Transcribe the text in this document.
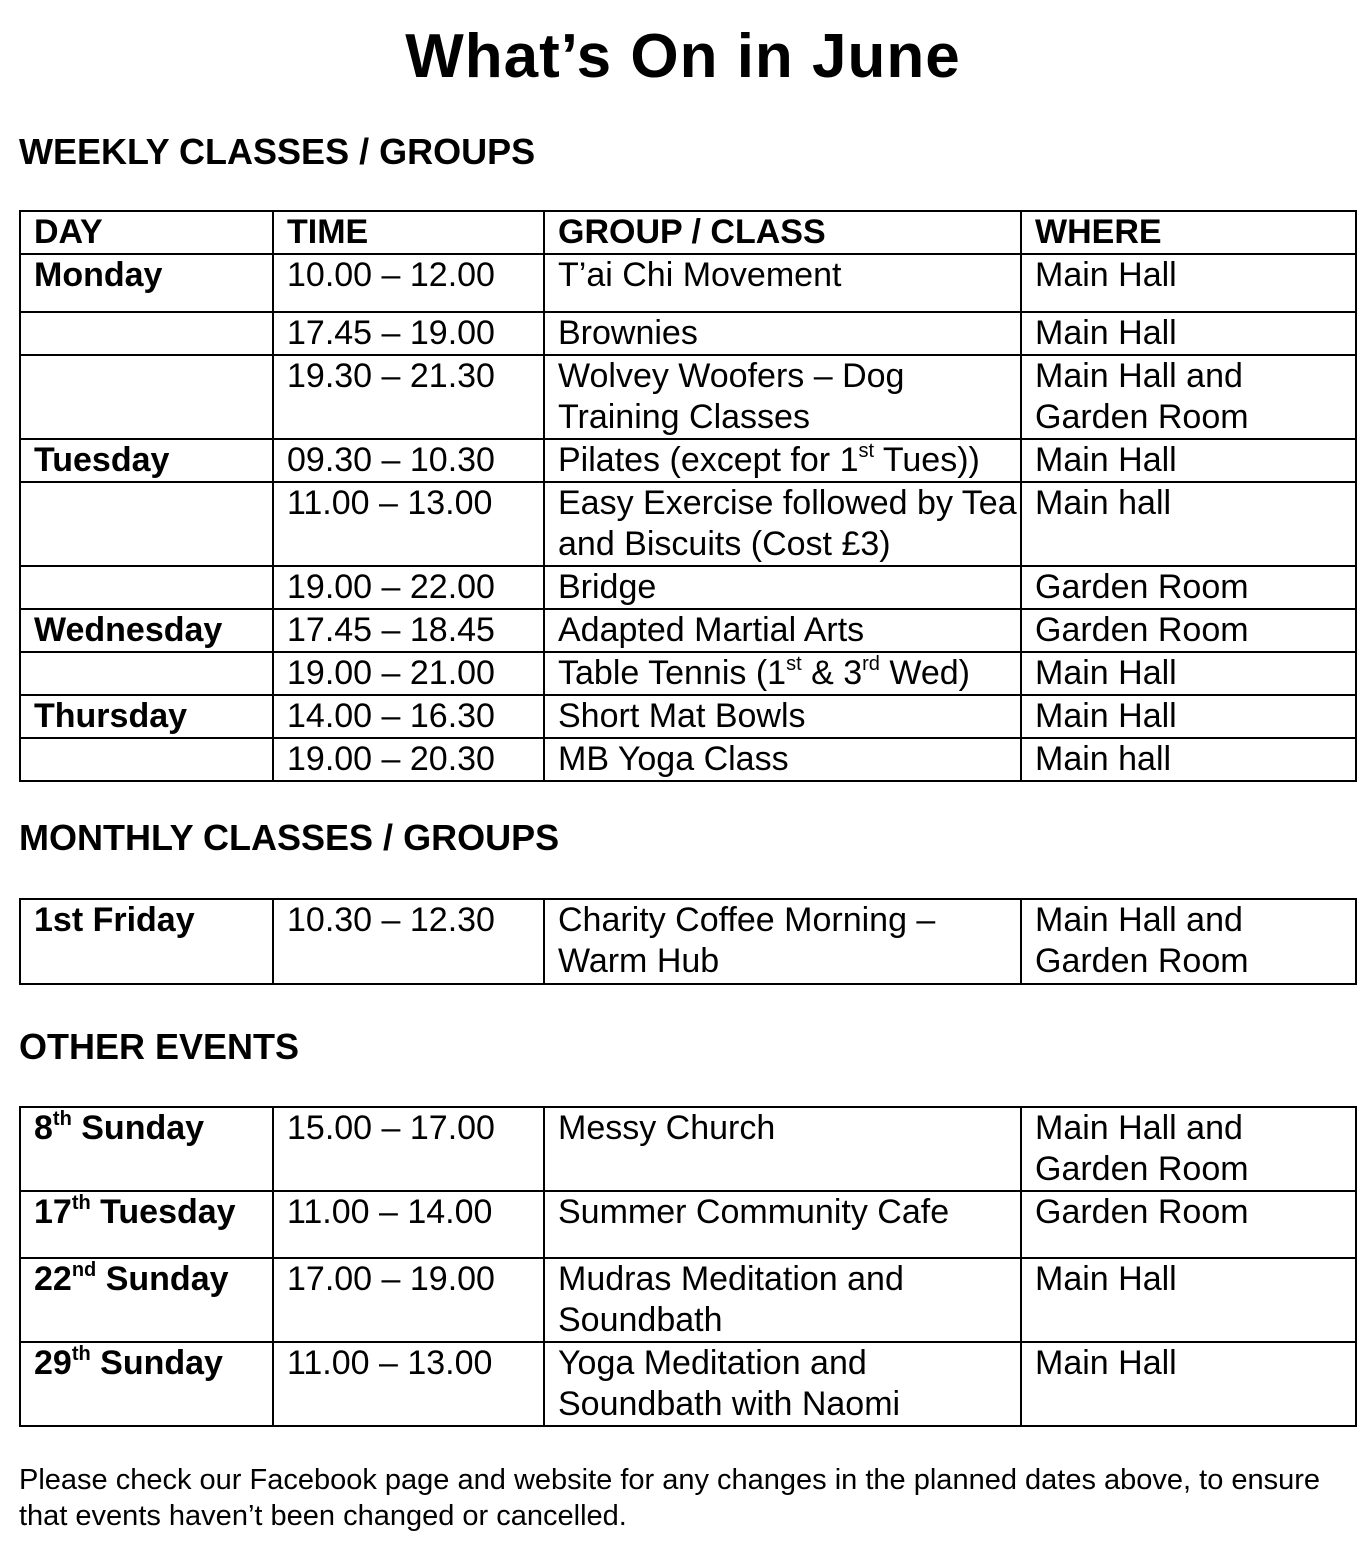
What’s On in June
WEEKLY CLASSES / GROUPS
DAY	TIME	GROUP / CLASS	WHERE
Monday	10.00 – 12.00	T’ai Chi Movement	Main Hall
	17.45 – 19.00	Brownies	Main Hall
	19.30 – 21.30	Wolvey Woofers – Dog Training Classes	Main Hall and Garden Room
Tuesday	09.30 – 10.30	Pilates (except for 1st Tues))	Main Hall
	11.00 – 13.00	Easy Exercise followed by Tea and Biscuits (Cost £3)	Main hall
	19.00 – 22.00	Bridge	Garden Room
Wednesday	17.45 – 18.45	Adapted Martial Arts	Garden Room
	19.00 – 21.00	Table Tennis (1st & 3rd Wed)	Main Hall
Thursday	14.00 – 16.30	Short Mat Bowls	Main Hall
	19.00 – 20.30	MB Yoga Class	Main hall
MONTHLY CLASSES / GROUPS
1st Friday	10.30 – 12.30	Charity Coffee Morning – Warm Hub	Main Hall and Garden Room
OTHER EVENTS
8th Sunday	15.00 – 17.00	Messy Church	Main Hall and Garden Room
17th Tuesday	11.00 – 14.00	Summer Community Cafe	Garden Room
22nd Sunday	17.00 – 19.00	Mudras Meditation and Soundbath	Main Hall
29th Sunday	11.00 – 13.00	Yoga Meditation and Soundbath with Naomi	Main Hall
Please check our Facebook page and website for any changes in the planned dates above, to ensure that events haven’t been changed or cancelled.
